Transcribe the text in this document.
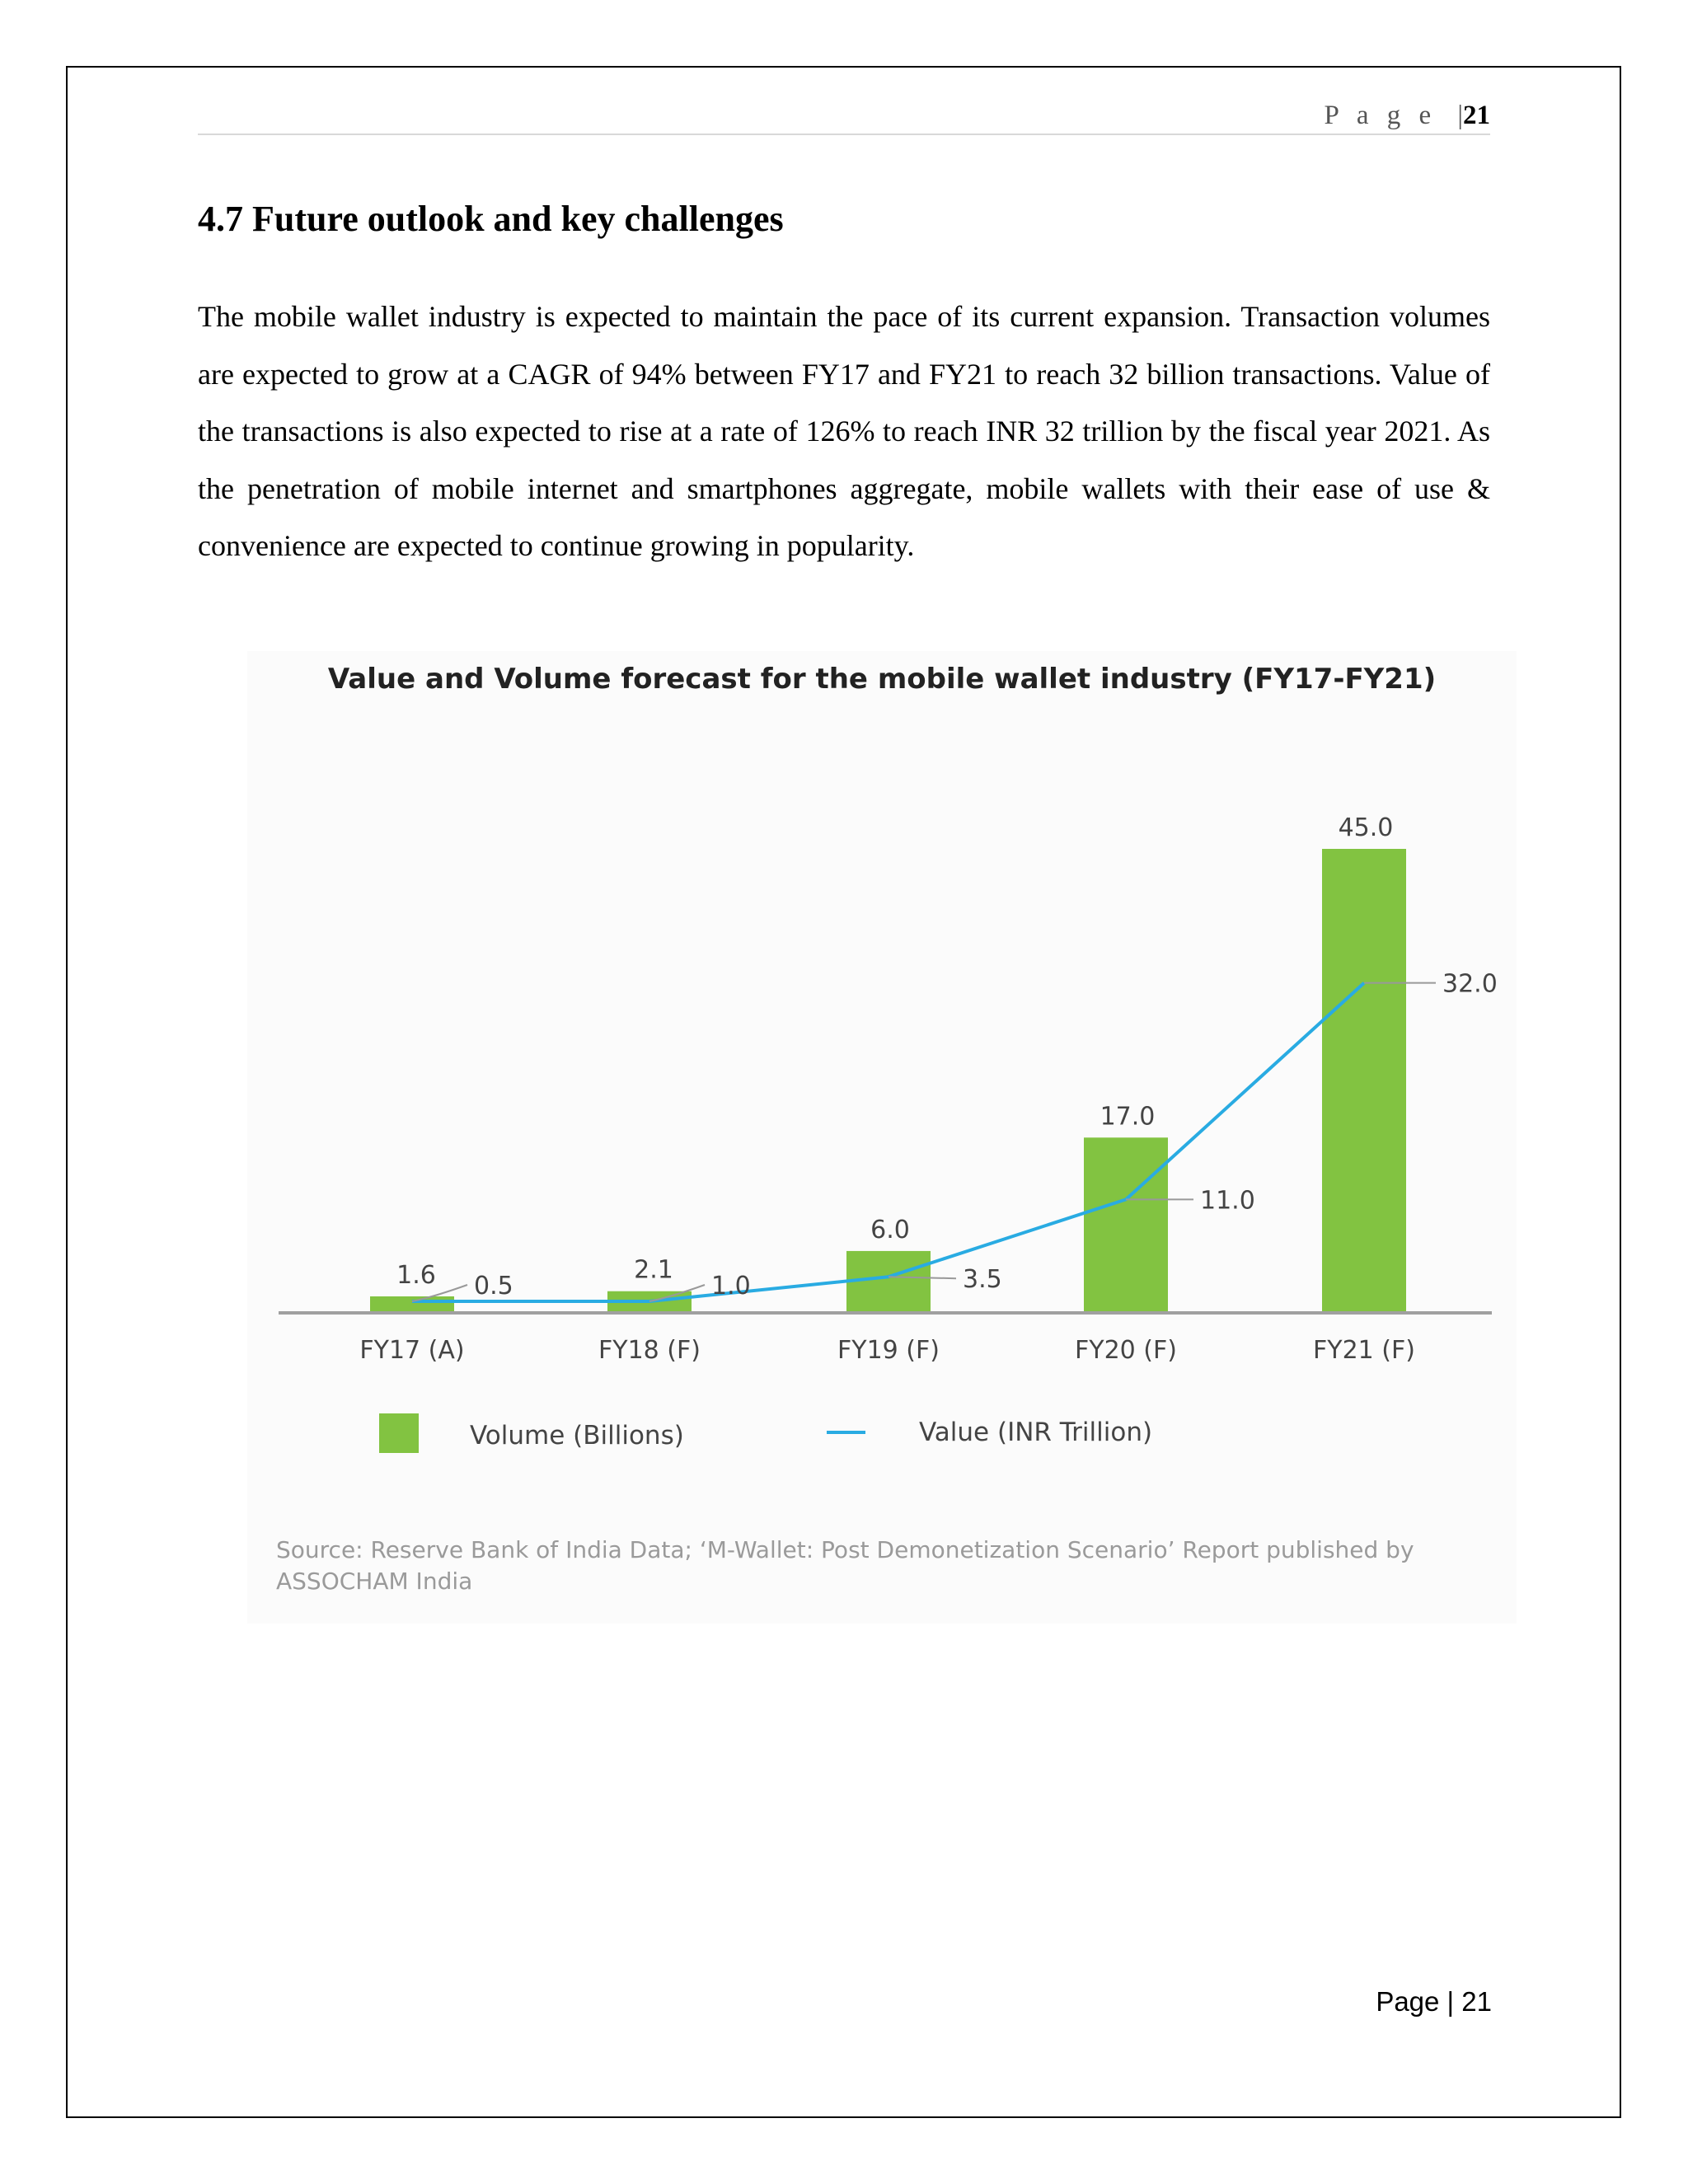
P a g e |21
4.7 Future outlook and key challenges

The mobile wallet industry is expected to maintain the pace of its current expansion. Transaction volumes are expected to grow at a CAGR of 94% between FY17 and FY21 to reach 32 billion transactions. Value of the transactions is also expected to rise at a rate of 126% to reach INR 32 trillion by the fiscal year 2021. As the penetration of mobile internet and smartphones aggregate, mobile wallets with their ease of use & convenience are expected to continue growing in popularity.

Value and Volume forecast for the mobile wallet industry (FY17-FY21)
1.6
FY17 (A)
2.1
FY18 (F)
6.0
FY19 (F)
17.0
FY20 (F)
45.0
FY21 (F)
0.5	1.0	3.5
11.0
32.0
Volume (Billions)	Value (INR Trillion)
Source: Reserve Bank of India Data; ‘M-Wallet: Post Demonetization Scenario’ Report published by
ASSOCHAM India
Page | 21
